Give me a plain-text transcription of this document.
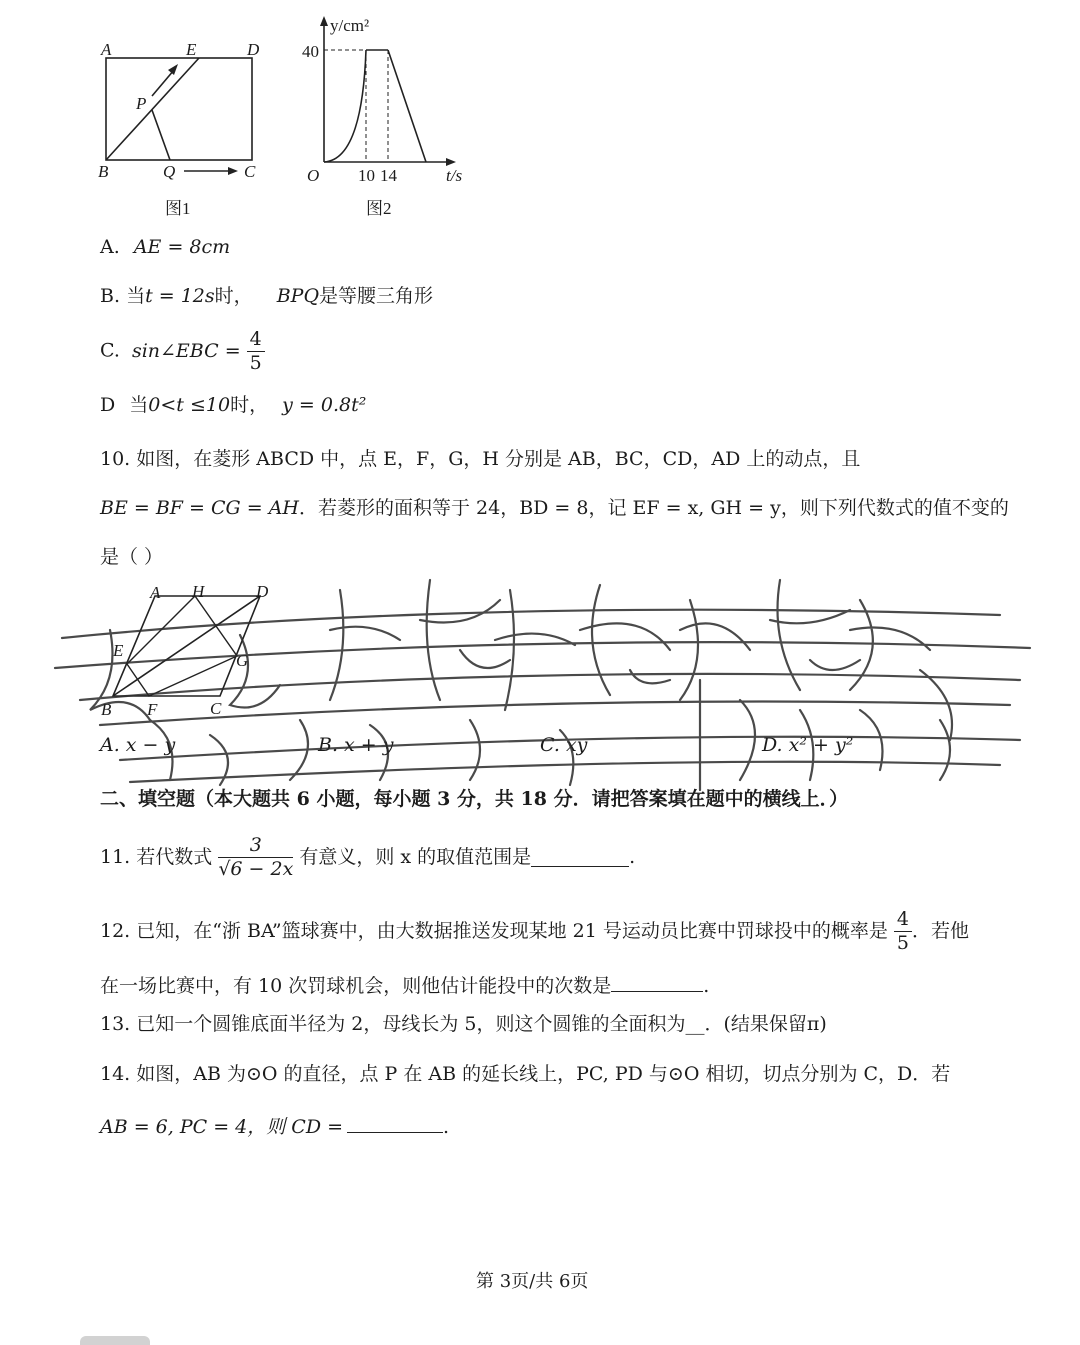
A	E	D
P
B	Q	C
图1
y/cm²
40
O 10 14	t/s
图2
A. AE = 8cm
B. 当t = 12s时， BPQ是等腰三角形
C. sin∠EBC = $\frac{4}{5}$
D 当0<t ≤10时， y = 0.8t²
10. 如图，在菱形 ABCD 中，点 E，F，G，H 分别是 AB，BC，CD，AD 上的动点，且
BE = BF = CG = AH．若菱形的面积等于 24，BD = 8，记 EF = x, GH = y，则下列代数式的值不变的
是（ ）
A H	D
E
G
B F	C
A. x − y	B. x + y	C. xy	D. x² + y²
二、填空题（本大题共 6 小题，每小题 3 分，共 18 分．请把答案填在题中的横线上．）
11. 若代数式 $\frac{3}{√6 - 2x}$ 有意义，则 x 的取值范围是	.
12. 已知，在“浙 BA”篮球赛中，由大数据推送发现某地 21 号运动员比赛中罚球投中的概率是 $\frac{4}{5}$ ．若他
在一场比赛中，有 10 次罚球机会，则他估计能投中的次数是	.
13. 已知一个圆锥底面半径为 2，母线长为 5，则这个圆锥的全面积为__．(结果保留π)
14. 如图，AB 为⊙O 的直径，点 P 在 AB 的延长线上，PC, PD 与⊙O 相切，切点分别为 C，D．若
AB = 6, PC = 4，则 CD =	.
第 3页/共 6页
